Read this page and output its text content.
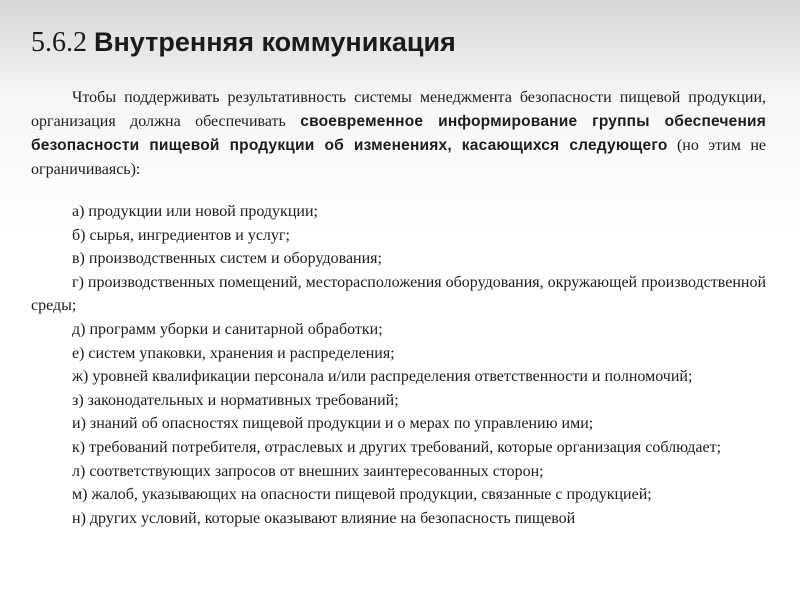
5.6.2 Внутренняя коммуникация

Чтобы поддерживать результативность системы менеджмента безопасности пищевой продукции, организация должна обеспечивать своевременное информирование группы обеспечения безопасности пищевой продукции об изменениях, касающихся следующего (но этим не ограничиваясь):

а) продукции или новой продукции;
б) сырья, ингредиентов и услуг;
в) производственных систем и оборудования;
г) производственных помещений, месторасположения оборудования, окружающей производственной среды;
д) программ уборки и санитарной обработки;
е) систем упаковки, хранения и распределения;
ж) уровней квалификации персонала и/или распределения ответственности и полномочий;
з) законодательных и нормативных требований;
и) знаний об опасностях пищевой продукции и о мерах по управлению ими;
к) требований потребителя, отраслевых и других требований, которые организация соблюдает;
л) соответствующих запросов от внешних заинтересованных сторон;
м) жалоб, указывающих на опасности пищевой продукции, связанные с продукцией;
н) других условий, которые оказывают влияние на безопасность пищевой
